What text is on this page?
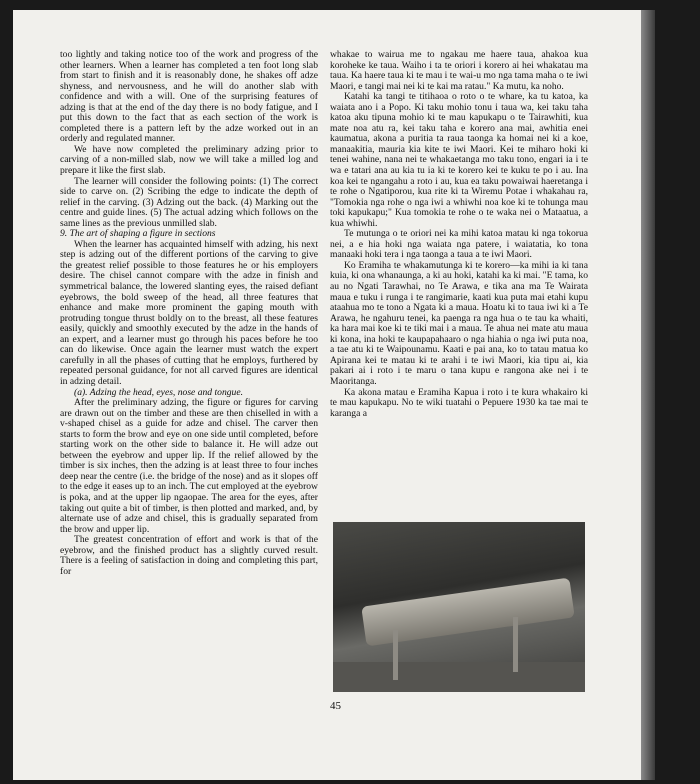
too lightly and taking notice too of the work and progress of the other learners. When a learner has completed a ten foot long slab from start to finish and it is reasonably done, he shakes off adze shyness, and nervousness, and he will do another slab with confidence and with a will. One of the surprising features of adzing is that at the end of the day there is no body fatigue, and I put this down to the fact that as each section of the work is completed there is a pattern left by the adze worked out in an orderly and regulated manner.

We have now completed the preliminary adzing prior to carving of a non-milled slab, now we will take a milled log and prepare it like the first slab.

The learner will consider the following points: (1) The correct side to carve on. (2) Scribing the edge to indicate the depth of relief in the carving. (3) Adzing out the back. (4) Marking out the centre and guide lines. (5) The actual adzing which follows on the same lines as the previous unmilled slab.

9. The art of shaping a figure in sections

When the learner has acquainted himself with adzing, his next step is adzing out of the different portions of the carving to give the greatest relief possible to those features he or his employers desire. The chisel cannot compare with the adze in finish and symmetrical balance, the lowered slanting eyes, the raised defiant eyebrows, the bold sweep of the head, all three features that enhance and make more prominent the gaping mouth with protruding tongue thrust boldly on to the breast, all these features easily, quickly and smoothly executed by the adze in the hands of an expert, and a learner must go through his paces before he too can do likewise. Once again the learner must watch the expert carefully in all the phases of cutting that he employs, furthered by repeated personal guidance, for not all carved figures are identical in adzing detail.

(a). Adzing the head, eyes, nose and tongue.

After the preliminary adzing, the figure or figures for carving are drawn out on the timber and these are then chiselled in with a v-shaped chisel as a guide for adze and chisel. The carver then starts to form the brow and eye on one side until completed, before starting work on the other side to balance it. He will adze out between the eyebrow and upper lip. If the relief allowed by the timber is six inches, then the adzing is at least three to four inches deep near the centre (i.e. the bridge of the nose) and as it slopes off to the edge it eases up to an inch. The cut employed at the eyebrow is poka, and at the upper lip ngaopae. The area for the eyes, after taking out quite a bit of timber, is then plotted and marked, and, by alternate use of adze and chisel, this is gradually separated from the brow and upper lip.

The greatest concentration of effort and work is that of the eyebrow, and the finished product has a slightly curved result. There is a feeling of satisfaction in doing and completing this part, for

whakae to wairua me to ngakau me haere taua, ahakoa kua koroheke ke taua. Waiho i ta te oriori i korero ai hei whakatau ma taua. Ka haere taua ki te mau i te wai-u mo nga tama maha o te iwi Maori, e tangi mai nei ki te kai ma ratau." Ka mutu, ka noho.

Katahi ka tangi te titihaoa o roto o te whare, ka tu katoa, ka waiata ano i a Popo. Ki taku mohio tonu i taua wa, kei taku taha katoa aku tipuna mohio ki te mau kapukapu o te Tairawhiti, kua mate noa atu ra, kei taku taha e korero ana mai, awhitia enei kaumatua, akona a puritia ta raua taonga ka homai nei ki a koe, manaakitia, mauria kia kite te iwi Maori. Kei te miharo hoki ki tenei wahine, nana nei te whakaetanga mo taku tono, engari ia i te wa e tatari ana au kia tu ia ki te korero kei te kuku te po i au. Ina koa kei te ngangahu a roto i au, kua ea taku powaiwai haeretanga i te rohe o Ngatiporou, kua rite ki ta Wiremu Potae i whakahau ra, "Tomokia nga rohe o nga iwi a whiwhi noa koe ki te tohunga mau toki kapukapu;" Kua tomokia te rohe o te waka nei o Mataatua, a kua whiwhi.

Te mutunga o te oriori nei ka mihi katoa matau ki nga tokorua nei, a e hia hoki nga waiata nga patere, i waiatatia, ko tona manaaki hoki tera i nga taonga a taua a te iwi Maori.

Ko Eramiha te whakamutunga ki te korero—ka mihi ia ki tana kuia, ki ona whanaunga, a ki au hoki, katahi ka ki mai. "E tama, ko au no Ngati Tarawhai, no Te Arawa, e tika ana ma Te Wairata maua e tuku i runga i te rangimarie, kaati kua puta mai etahi kupu ataahua mo te tono a Ngata ki a maua. Hoatu ki to taua iwi ki a Te Arawa, he ngahuru tenei, ka paenga ra nga hua o te tau ka whaiti, ka hara mai koe ki te tiki mai i a maua. Te ahua nei mate atu maua ki kona, ina hoki te kaupapahaaro o nga hiahia o nga iwi puta noa, a tae atu ki te Waipounamu. Kaati e pai ana, ko to tatau matua ko Apirana kei te matau ki te arahi i te iwi Maori, kia tipu ai, kia pakari ai i roto i te maru o tana kupu e rangona ake nei i te Maoritanga.

Ka akona matau e Eramiha Kapua i roto i te kura whakairo ki te mau kapukapu. No te wiki tuatahi o Pepuere 1930 ka tae mai te karanga a

45
